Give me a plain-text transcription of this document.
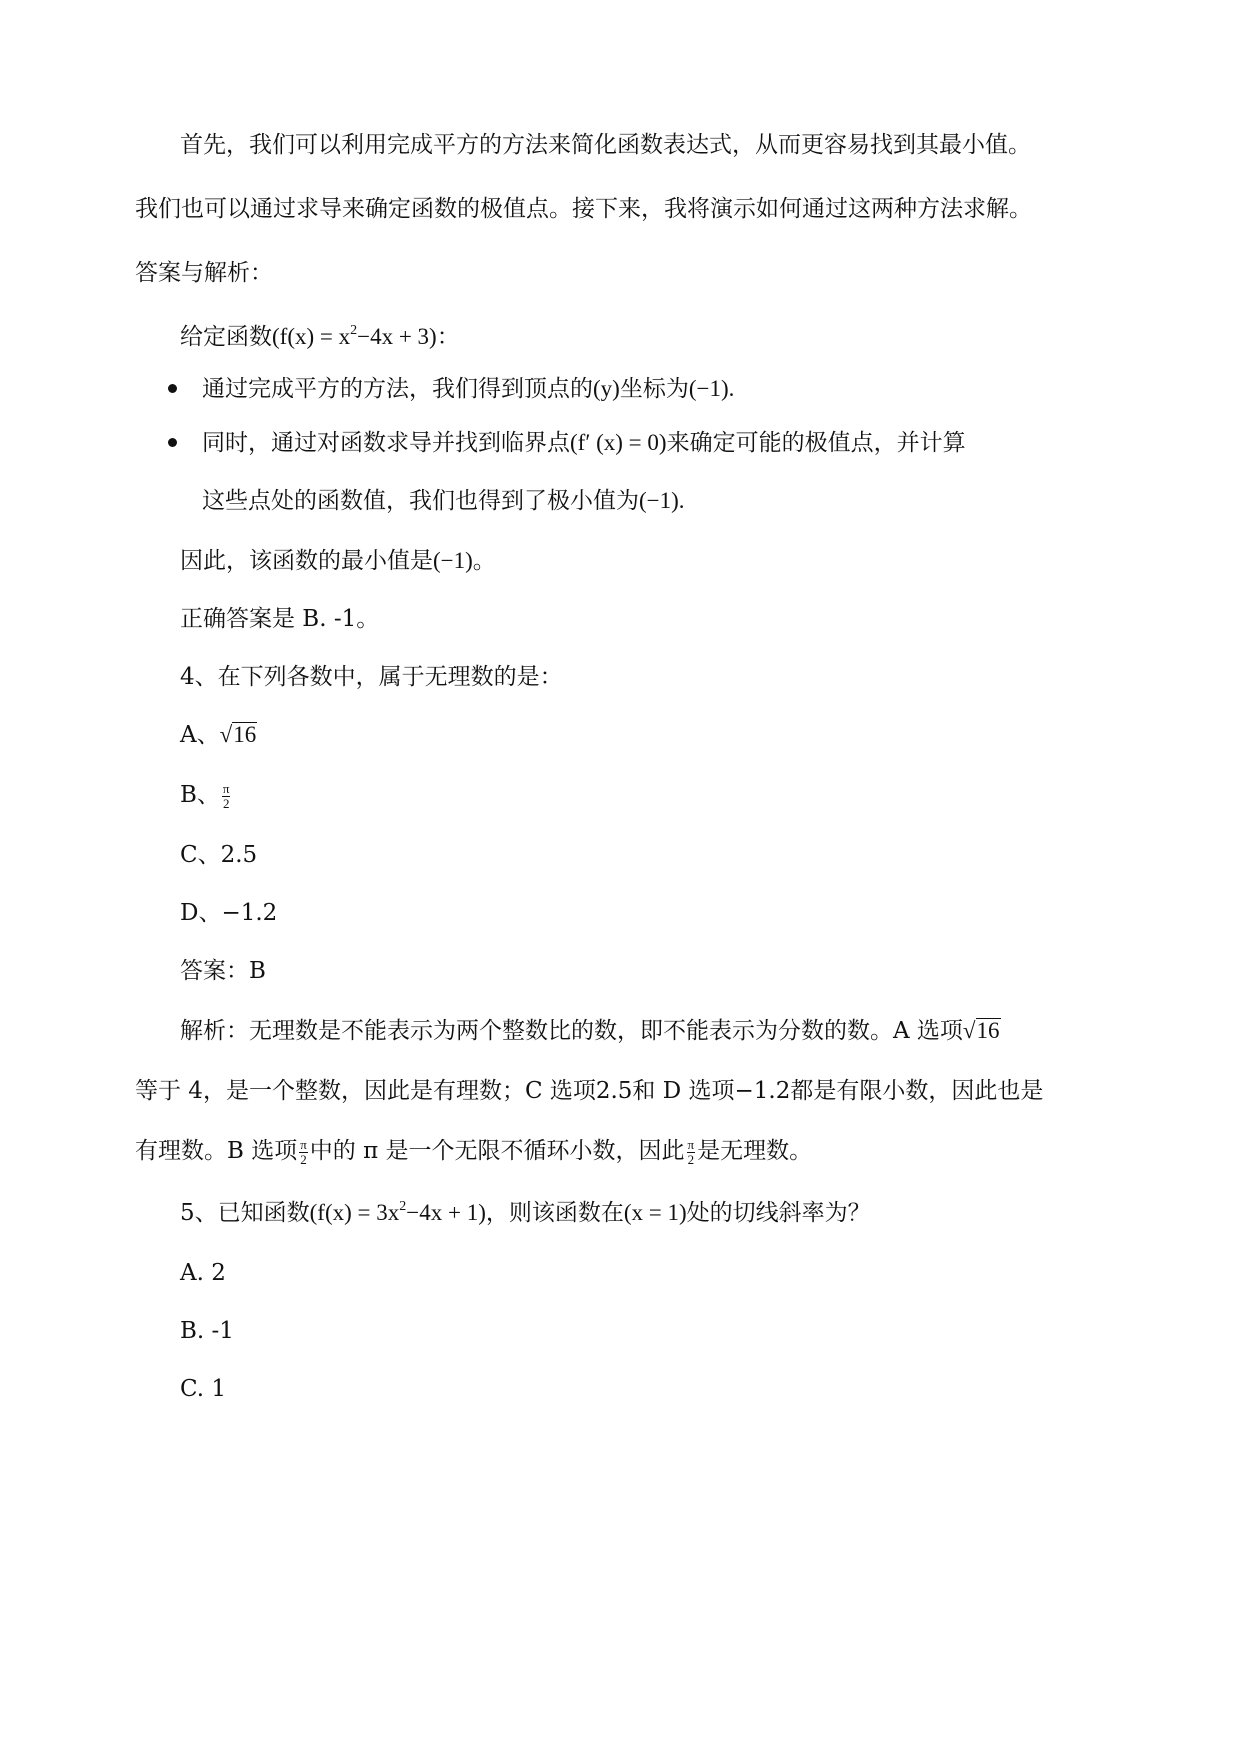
首先，我们可以利用完成平方的方法来简化函数表达式，从而更容易找到其最小值。
我们也可以通过求导来确定函数的极值点。接下来，我将演示如何通过这两种方法求解。
答案与解析：
给定函数$(f(x) = x^2-4x + 3)$：
通过完成平方的方法，我们得到顶点的(y)坐标为(−1).
同时，通过对函数求导并找到临界点(f′ (x) = 0)来确定可能的极值点，并计算
这些点处的函数值，我们也得到了极小值为(−1).
因此，该函数的最小值是(−1)。
正确答案是 B. -1。
4、在下列各数中，属于无理数的是：
A、√16
B、 $\frac{\pi}{2}$
C、2.5
D、−1.2
答案：B
解析：无理数是不能表示为两个整数比的数，即不能表示为分数的数。A 选项√16
等于 4，是一个整数，因此是有理数；C 选项2.5和 D 选项−1.2都是有限小数，因此也是
有理数。B 选项 $\frac{\pi}{2}$ 中的 π 是一个无限不循环小数，因此 $\frac{\pi}{2}$ 是无理数。
5、已知函数$(f(x) = 3x^2-4x + 1)$，则该函数在(x = 1)处的切线斜率为？
A. 2
B. -1
C. 1
